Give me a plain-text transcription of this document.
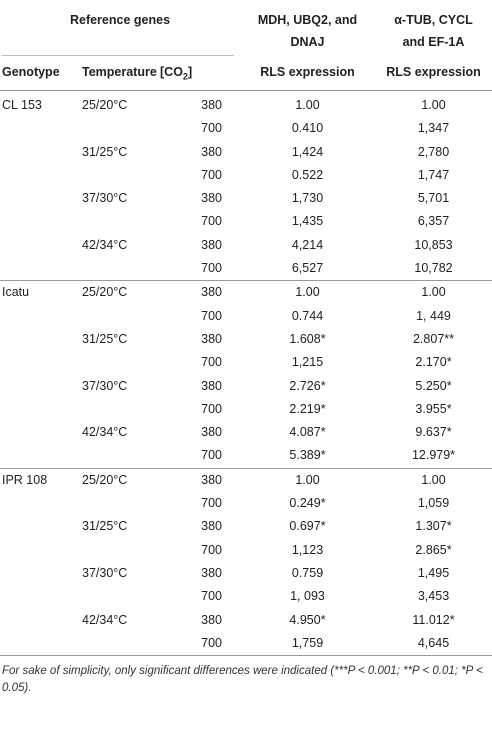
Reference genes			MDH, UBQ2, and DNAJ	α-TUB, CYCL and EF-1A

Genotype	Temperature	$[CO_2]$	RLS expression	RLS expression
CL 153	25/20°C	380	1.00	1.00
		700	0.410	1,347
	31/25°C	380	1,424	2,780
		700	0.522	1,747
	37/30°C	380	1,730	5,701
		700	1,435	6,357
	42/34°C	380	4,214	10,853
		700	6,527	10,782
Icatu	25/20°C	380	1.00	1.00
		700	0.744	1, 449
	31/25°C	380	1.608*	2.807**
		700	1,215	2.170*
	37/30°C	380	2.726*	5.250*
		700	2.219*	3.955*
	42/34°C	380	4.087*	9.637*
		700	5.389*	12.979*
IPR 108	25/20°C	380	1.00	1.00
		700	0.249*	1,059
	31/25°C	380	0.697*	1.307*
		700	1,123	2.865*
	37/30°C	380	0.759	1,495
		700	1, 093	3,453
	42/34°C	380	4.950*	11.012*
		700	1,759	4,645
For sake of simplicity, only significant differences were indicated (***P < 0.001; **P < 0.01; *P < 0.05).
